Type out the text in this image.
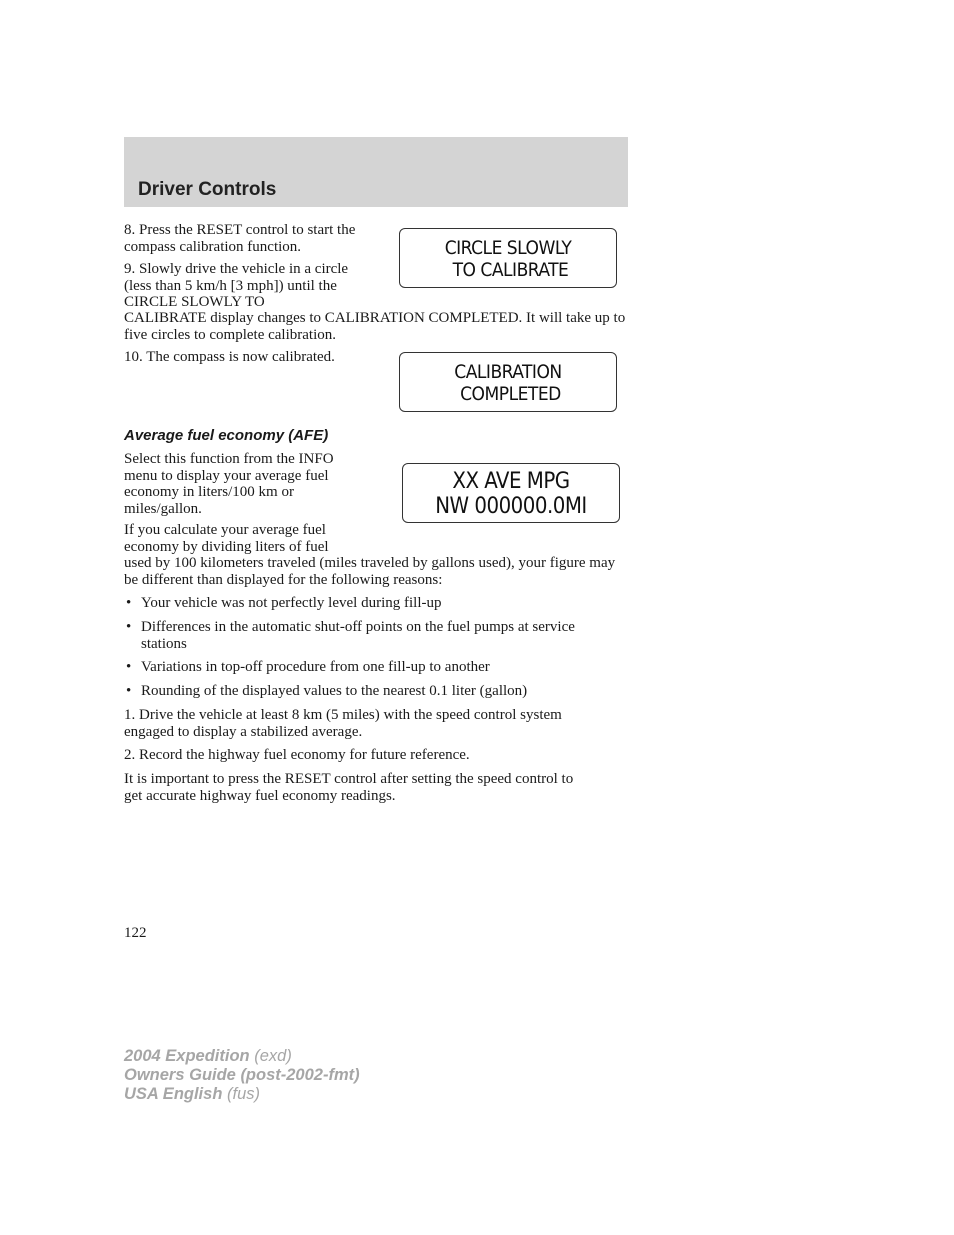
Driver Controls

8. Press the RESET control to start the compass calibration function.

9. Slowly drive the vehicle in a circle (less than 5 km/h [3 mph]) until the CIRCLE SLOWLY TO

CALIBRATE display changes to CALIBRATION COMPLETED. It will take up to five circles to complete calibration.

10. The compass is now calibrated.

CIRCLE SLOWLY
TO CALIBRATE
CALIBRATION
COMPLETED
Average fuel economy (AFE)

Select this function from the INFO menu to display your average fuel economy in liters/100 km or miles/gallon.

XX AVE MPG
NW 000000.0MI

If you calculate your average fuel economy by dividing liters of fuel

used by 100 kilometers traveled (miles traveled by gallons used), your figure may be different than displayed for the following reasons:

• Your vehicle was not perfectly level during fill-up
• Differences in the automatic shut-off points on the fuel pumps at service stations
• Variations in top-off procedure from one fill-up to another
• Rounding of the displayed values to the nearest 0.1 liter (gallon)

1. Drive the vehicle at least 8 km (5 miles) with the speed control system engaged to display a stabilized average.

2. Record the highway fuel economy for future reference.

It is important to press the RESET control after setting the speed control to get accurate highway fuel economy readings.

122
2004 Expedition (exd)
Owners Guide (post-2002-fmt)
USA English (fus)
